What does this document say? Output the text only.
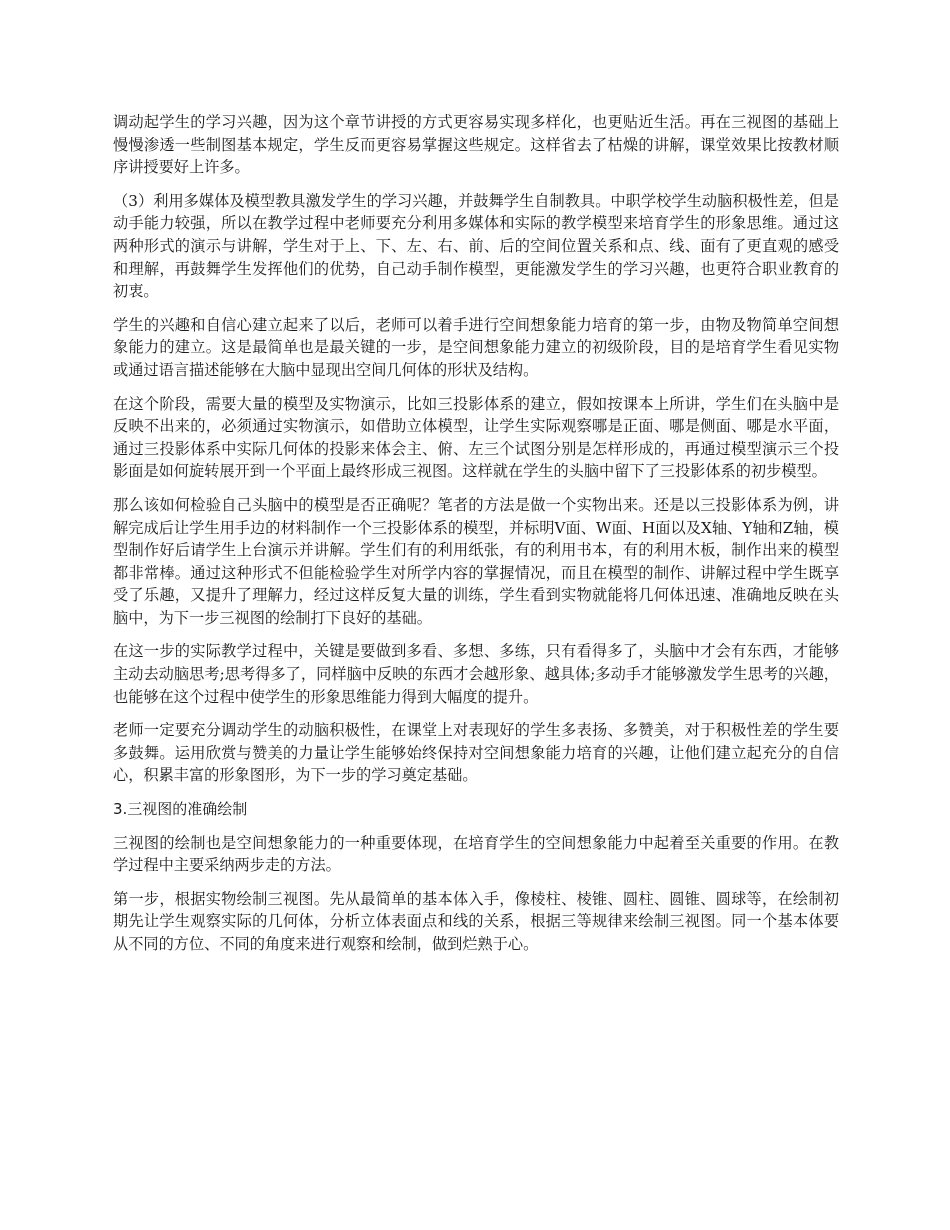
调动起学生的学习兴趣，因为这个章节讲授的方式更容易实现多样化，也更贴近生活。再在三视图的基础上慢慢渗透一些制图基本规定，学生反而更容易掌握这些规定。这样省去了枯燥的讲解，课堂效果比按教材顺序讲授要好上许多。

（3）利用多媒体及模型教具激发学生的学习兴趣，并鼓舞学生自制教具。中职学校学生动脑积极性差，但是动手能力较强，所以在教学过程中老师要充分利用多媒体和实际的教学模型来培育学生的形象思维。通过这两种形式的演示与讲解，学生对于上、下、左、右、前、后的空间位置关系和点、线、面有了更直观的感受和理解，再鼓舞学生发挥他们的优势，自己动手制作模型，更能激发学生的学习兴趣，也更符合职业教育的初衷。

学生的兴趣和自信心建立起来了以后，老师可以着手进行空间想象能力培育的第一步，由物及物简单空间想象能力的建立。这是最简单也是最关键的一步，是空间想象能力建立的初级阶段，目的是培育学生看见实物或通过语言描述能够在大脑中显现出空间几何体的形状及结构。

在这个阶段，需要大量的模型及实物演示，比如三投影体系的建立，假如按课本上所讲，学生们在头脑中是反映不出来的，必须通过实物演示，如借助立体模型，让学生实际观察哪是正面、哪是侧面、哪是水平面，通过三投影体系中实际几何体的投影来体会主、俯、左三个试图分别是怎样形成的，再通过模型演示三个投影面是如何旋转展开到一个平面上最终形成三视图。这样就在学生的头脑中留下了三投影体系的初步模型。

那么该如何检验自己头脑中的模型是否正确呢？笔者的方法是做一个实物出来。还是以三投影体系为例，讲解完成后让学生用手边的材料制作一个三投影体系的模型，并标明V面、W面、H面以及X轴、Y轴和Z轴，模型制作好后请学生上台演示并讲解。学生们有的利用纸张，有的利用书本，有的利用木板，制作出来的模型都非常棒。通过这种形式不但能检验学生对所学内容的掌握情况，而且在模型的制作、讲解过程中学生既享受了乐趣，又提升了理解力，经过这样反复大量的训练，学生看到实物就能将几何体迅速、准确地反映在头脑中，为下一步三视图的绘制打下良好的基础。

在这一步的实际教学过程中，关键是要做到多看、多想、多练，只有看得多了，头脑中才会有东西，才能够主动去动脑思考;思考得多了，同样脑中反映的东西才会越形象、越具体;多动手才能够激发学生思考的兴趣，也能够在这个过程中使学生的形象思维能力得到大幅度的提升。

老师一定要充分调动学生的动脑积极性，在课堂上对表现好的学生多表扬、多赞美，对于积极性差的学生要多鼓舞。运用欣赏与赞美的力量让学生能够始终保持对空间想象能力培育的兴趣，让他们建立起充分的自信心，积累丰富的形象图形，为下一步的学习奠定基础。

3.三视图的准确绘制

三视图的绘制也是空间想象能力的一种重要体现，在培育学生的空间想象能力中起着至关重要的作用。在教学过程中主要采纳两步走的方法。

第一步，根据实物绘制三视图。先从最简单的基本体入手，像棱柱、棱锥、圆柱、圆锥、圆球等，在绘制初期先让学生观察实际的几何体，分析立体表面点和线的关系，根据三等规律来绘制三视图。同一个基本体要从不同的方位、不同的角度来进行观察和绘制，做到烂熟于心。
